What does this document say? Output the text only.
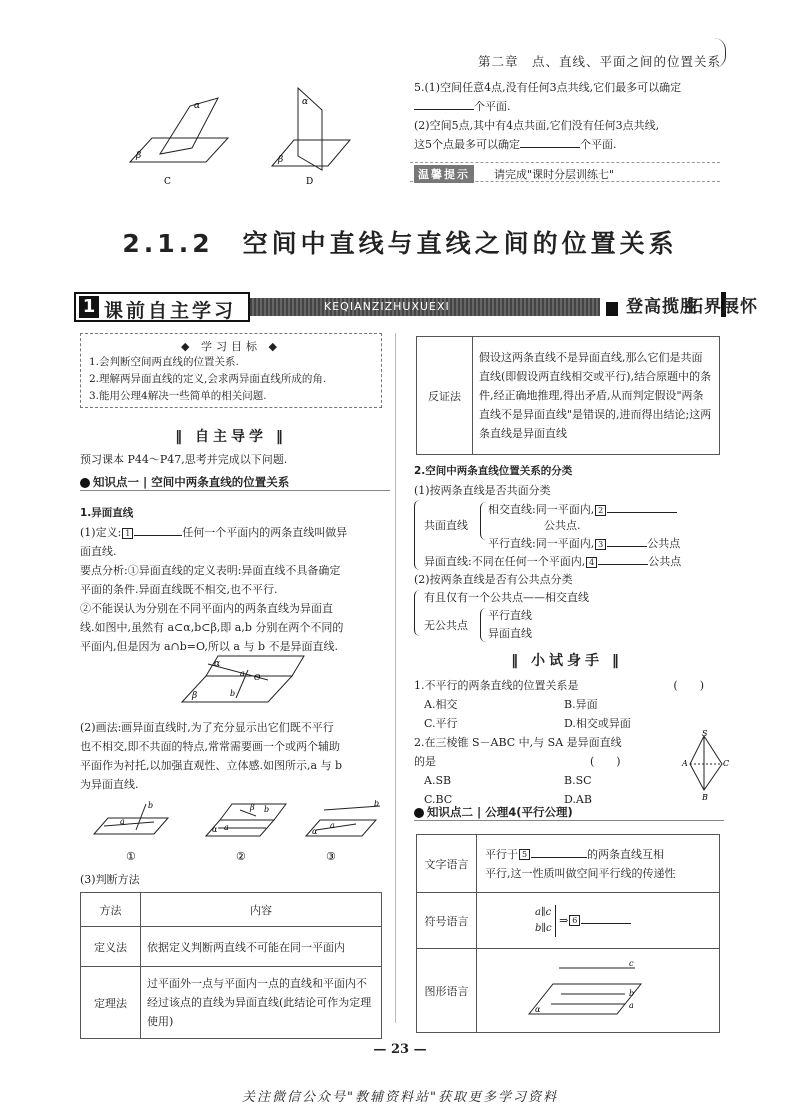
第二章　点、直线、平面之间的位置关系
α
β
C
α
β
D
5.(1)空间任意4点,没有任何3点共线,它们最多可以确定
个平面.
(2)空间5点,其中有4点共面,它们没有任何3点共线,
这5个点最多可以确定	个平面.
温馨提示	请完成"课时分层训练七"
2.1.2　空间中直线与直线之间的位置关系
1 课前自主学习	KEQIANZIZHUXUEXI	登高揽胜
拓界展怀
◆ 学习目标 ◆
1.会判断空间两直线的位置关系.
2.理解两异面直线的定义,会求两异面直线所成的角.
3.能用公理4解决一些简单的相关问题.
‖ 自主导学 ‖
预习课本 P44～P47,思考并完成以下问题.
知识点一 | 空间中两条直线的位置关系
1.异面直线
(1)定义: 1	任何一个平面内的两条直线叫做异
面直线.
要点分析:①异面直线的定义表明:异面直线不具备确定
平面的条件.异面直线既不相交,也不平行.
②不能误认为分别在不同平面内的两条直线为异面直
线.如图中,虽然有 a⊂α,b⊂β,即 a,b 分别在两个不同的
平面内,但是因为 a∩b=O,所以 a 与 b 不是异面直线.
α
β
a
b
O
(2)画法:画异面直线时,为了充分显示出它们既不平行
也不相交,即不共面的特点,常常需要画一个或两个辅助
平面作为衬托,以加强直观性、立体感.如图所示,a 与 b
为异面直线.
a
b
①
α
β
a
b
②
α
a
b
③
(3)判断方法
方法	内容
定义法	依据定义判断两直线不可能在同一平面内
定理法	过平面外一点与平面内一点的直线和平面内不经过该点的直线为异面直线(此结论可作为定理使用)
反证法	假设这两条直线不是异面直线,那么它们是共面直线(即假设两直线相交或平行),结合原题中的条件,经正确地推理,得出矛盾,从而判定假设"两条直线不是异面直线"是错误的,进而得出结论;这两条直线是异面直线
2.空间中两条直线位置关系的分类
(1)按两条直线是否共面分类
共面直线
相交直线:同一平面内, 2
公共点.
平行直线:同一平面内, 3	公共点
异面直线:不同在任何一个平面内, 4	公共点
(2)按两条直线是否有公共点分类
有且仅有一个公共点——相交直线
无公共点
平行直线
异面直线
‖ 小试身手 ‖
1.不平行的两条直线的位置关系是	(　　)
A.相交	B.异面
C.平行	D.相交或异面
2.在三棱锥 S－ABC 中,与 SA 是异面直线
的是	(　　)
A.SB	B.SC
C.BC	D.AB
S
A	C
B
知识点二 | 公理4(平行公理)
文字语言	平行于 5 的两条直线互相
平行,这一性质叫做空间平行线的传递性

符号语言	a∥c
b∥c
⇒ 6
图形语言	c
b
a
α
— 23 —
关注微信公众号"教辅资料站"获取更多学习资料
